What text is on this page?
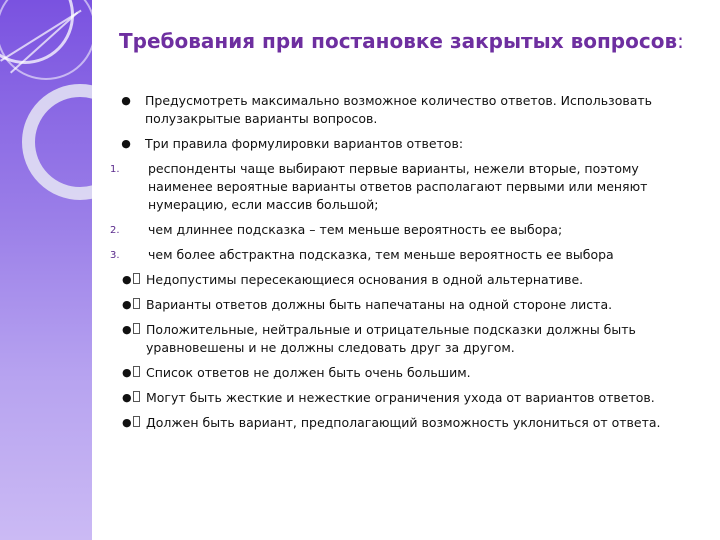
Требования при постановке закрытых вопросов:
● Предусмотреть максимально возможное количество ответов. Использовать полузакрытые варианты вопросов.
● Три правила формулировки вариантов ответов:
1. респонденты чаще выбирают первые варианты, нежели вторые, поэтому наименее вероятные варианты ответов располагают первыми или меняют нумерацию, если массив большой;
2. чем длиннее подсказка – тем меньше вероятность ее выбора;
3. чем более абстрактна подсказка, тем меньше вероятность ее выбора
●	Недопустимы пересекающиеся основания в одной альтернативе.
●	Варианты ответов должны быть напечатаны на одной стороне листа.
●	Положительные, нейтральные и отрицательные подсказки должны быть уравновешены и не должны следовать друг за другом.
●	Список ответов не должен быть очень большим.
●	Могут быть жесткие и нежесткие ограничения ухода от вариантов ответов.
●	Должен быть вариант, предполагающий возможность уклониться от ответа.
